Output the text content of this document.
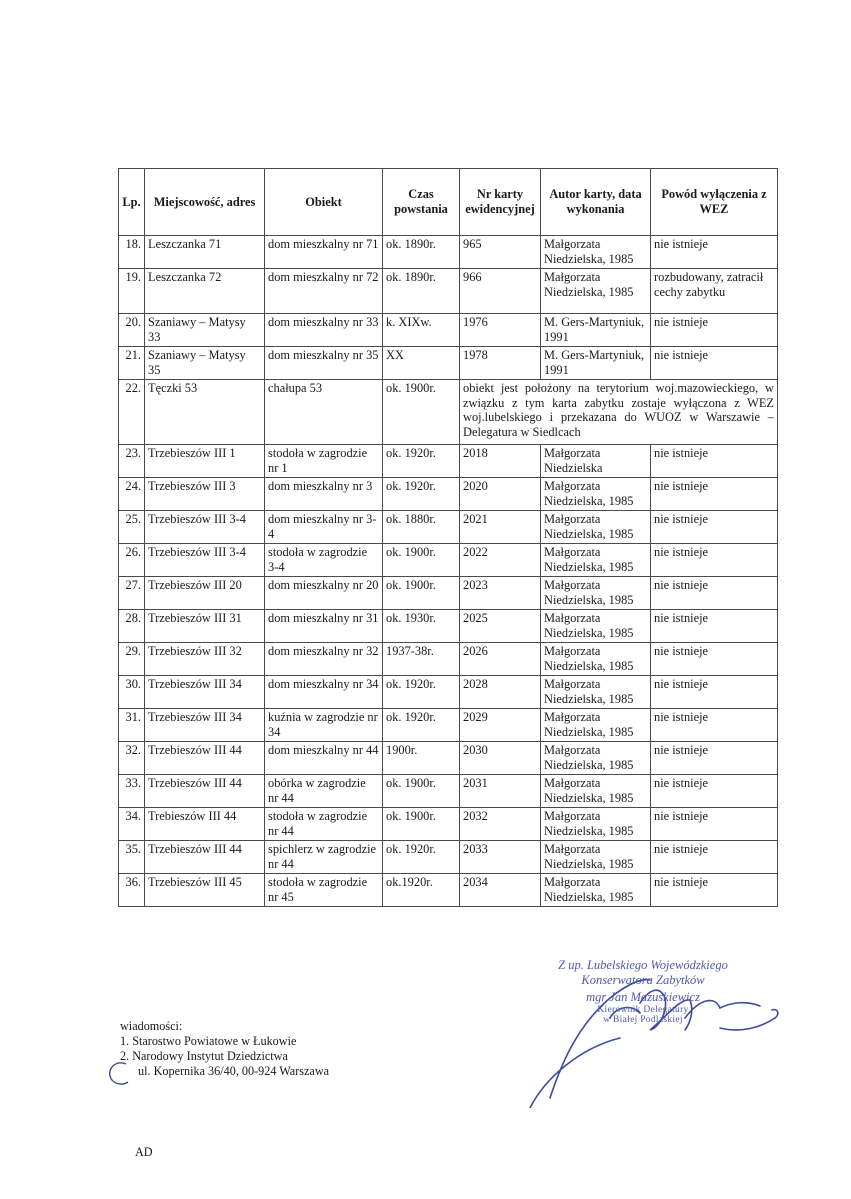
Lp.	Miejscowość, adres	Obiekt	Czas powstania	Nr karty ewidencyjnej	Autor karty, data wykonania	Powód wyłączenia z WEZ
18.	Leszczanka 71	dom mieszkalny nr 71	ok. 1890r.	965	Małgorzata Niedzielska, 1985	nie istnieje
19.	Leszczanka 72	dom mieszkalny nr 72	ok. 1890r.	966	Małgorzata Niedzielska, 1985	rozbudowany, zatracił cechy zabytku
20.	Szaniawy – Matysy 33	dom mieszkalny nr 33	k. XIXw.	1976	M. Gers-Martyniuk, 1991	nie istnieje
21.	Szaniawy – Matysy 35	dom mieszkalny nr 35	XX	1978	M. Gers-Martyniuk, 1991	nie istnieje
22.	Tęczki 53	chałupa 53	ok. 1900r.	obiekt jest położony na terytorium woj.mazowieckiego, w związku z tym karta zabytku zostaje wyłączona z WEZ woj.lubelskiego i przekazana do WUOZ w Warszawie – Delegatura w Siedlcach		
23.	Trzebieszów III 1	stodoła w zagrodzie nr 1	ok. 1920r.	2018	Małgorzata Niedzielska	nie istnieje
24.	Trzebieszów III 3	dom mieszkalny nr 3	ok. 1920r.	2020	Małgorzata Niedzielska, 1985	nie istnieje
25.	Trzebieszów III 3-4	dom mieszkalny nr 3-4	ok. 1880r.	2021	Małgorzata Niedzielska, 1985	nie istnieje
26.	Trzebieszów III 3-4	stodoła w zagrodzie 3-4	ok. 1900r.	2022	Małgorzata Niedzielska, 1985	nie istnieje
27.	Trzebieszów III 20	dom mieszkalny nr 20	ok. 1900r.	2023	Małgorzata Niedzielska, 1985	nie istnieje
28.	Trzebieszów III 31	dom mieszkalny nr 31	ok. 1930r.	2025	Małgorzata Niedzielska, 1985	nie istnieje
29.	Trzebieszów III 32	dom mieszkalny nr 32	1937-38r.	2026	Małgorzata Niedzielska, 1985	nie istnieje
30.	Trzebieszów III 34	dom mieszkalny nr 34	ok. 1920r.	2028	Małgorzata Niedzielska, 1985	nie istnieje
31.	Trzebieszów III 34	kuźnia w zagrodzie nr 34	ok. 1920r.	2029	Małgorzata Niedzielska, 1985	nie istnieje
32.	Trzebieszów III 44	dom mieszkalny nr 44	1900r.	2030	Małgorzata Niedzielska, 1985	nie istnieje
33.	Trzebieszów III 44	obórka w zagrodzie nr 44	ok. 1900r.	2031	Małgorzata Niedzielska, 1985	nie istnieje
34.	Trebieszów III 44	stodoła w zagrodzie nr 44	ok. 1900r.	2032	Małgorzata Niedzielska, 1985	nie istnieje
35.	Trzebieszów III 44	spichlerz w zagrodzie nr 44	ok. 1920r.	2033	Małgorzata Niedzielska, 1985	nie istnieje
36.	Trzebieszów III 45	stodoła w zagrodzie nr 45	ok.1920r.	2034	Małgorzata Niedzielska, 1985	nie istnieje
Z up. Lubelskiego Wojewódzkiego
Konserwatora Zabytków
mgr Jan Mazuskiewicz
Kierownik Delegatury
w Białej Podlaskiej
wiadomości:
1. Starostwo Powiatowe w Łukowie
2. Narodowy Instytut Dziedzictwa
ul. Kopernika 36/40, 00-924 Warszawa
AD
